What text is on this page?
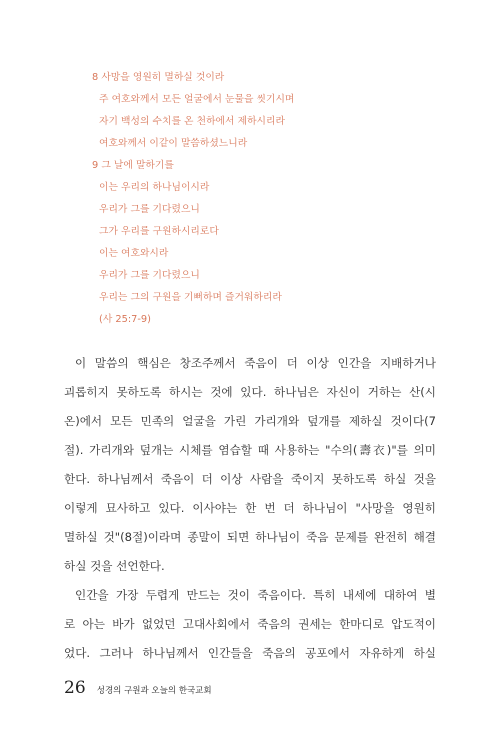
8 사망을 영원히 멸하실 것이라
주 여호와께서 모든 얼굴에서 눈물을 씻기시며
자기 백성의 수치를 온 천하에서 제하시리라
여호와께서 이같이 말씀하셨느니라
9 그 날에 말하기를
이는 우리의 하나님이시라
우리가 그를 기다렸으니
그가 우리를 구원하시리로다
이는 여호와시라
우리가 그를 기다렸으니
우리는 그의 구원을 기뻐하며 즐거워하리라
(사 25:7-9)
이 말씀의 핵심은 창조주께서 죽음이 더 이상 인간을 지배하거나
괴롭히지 못하도록 하시는 것에 있다. 하나님은 자신이 거하는 산(시
온)에서 모든 민족의 얼굴을 가린 가리개와 덮개를 제하실 것이다(7
절). 가리개와 덮개는 시체를 염습할 때 사용하는 "수의(壽衣)"를 의미
한다. 하나님께서 죽음이 더 이상 사람을 죽이지 못하도록 하실 것을
이렇게 묘사하고 있다. 이사야는 한 번 더 하나님이 "사망을 영원히
멸하실 것"(8절)이라며 종말이 되면 하나님이 죽음 문제를 완전히 해결
하실 것을 선언한다.
인간을 가장 두렵게 만드는 것이 죽음이다. 특히 내세에 대하여 별
로 아는 바가 없었던 고대사회에서 죽음의 권세는 한마디로 압도적이
었다. 그러나 하나님께서 인간들을 죽음의 공포에서 자유하게 하실
26 성경의 구원과 오늘의 한국교회
